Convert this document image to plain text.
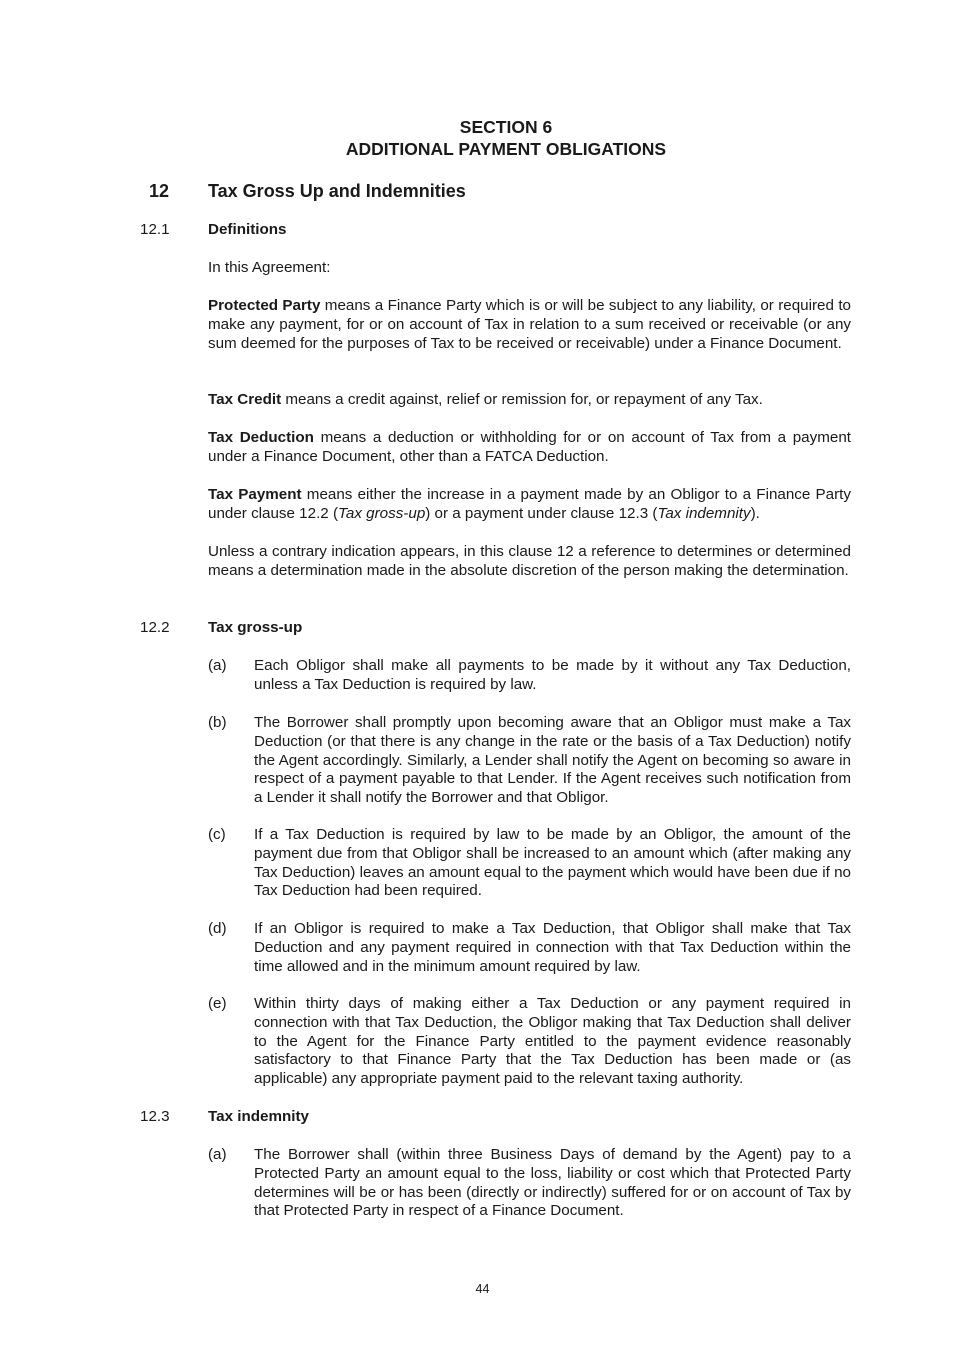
SECTION 6
ADDITIONAL PAYMENT OBLIGATIONS
12 Tax Gross Up and Indemnities
12.1	Definitions
In this Agreement:
Protected Party means a Finance Party which is or will be subject to any liability, or required to make any payment, for or on account of Tax in relation to a sum received or receivable (or any sum deemed for the purposes of Tax to be received or receivable) under a Finance Document.
Tax Credit means a credit against, relief or remission for, or repayment of any Tax.
Tax Deduction means a deduction or withholding for or on account of Tax from a payment under a Finance Document, other than a FATCA Deduction.
Tax Payment means either the increase in a payment made by an Obligor to a Finance Party under clause 12.2 (Tax gross-up) or a payment under clause 12.3 (Tax indemnity).
Unless a contrary indication appears, in this clause 12 a reference to determines or determined means a determination made in the absolute discretion of the person making the determination.
12.2	Tax gross-up
(a) Each Obligor shall make all payments to be made by it without any Tax Deduction, unless a Tax Deduction is required by law.
(b) The Borrower shall promptly upon becoming aware that an Obligor must make a Tax Deduction (or that there is any change in the rate or the basis of a Tax Deduction) notify the Agent accordingly. Similarly, a Lender shall notify the Agent on becoming so aware in respect of a payment payable to that Lender. If the Agent receives such notification from a Lender it shall notify the Borrower and that Obligor.
(c) If a Tax Deduction is required by law to be made by an Obligor, the amount of the payment due from that Obligor shall be increased to an amount which (after making any Tax Deduction) leaves an amount equal to the payment which would have been due if no Tax Deduction had been required.
(d) If an Obligor is required to make a Tax Deduction, that Obligor shall make that Tax Deduction and any payment required in connection with that Tax Deduction within the time allowed and in the minimum amount required by law.
(e) Within thirty days of making either a Tax Deduction or any payment required in connection with that Tax Deduction, the Obligor making that Tax Deduction shall deliver to the Agent for the Finance Party entitled to the payment evidence reasonably satisfactory to that Finance Party that the Tax Deduction has been made or (as applicable) any appropriate payment paid to the relevant taxing authority.
12.3	Tax indemnity
(a) The Borrower shall (within three Business Days of demand by the Agent) pay to a Protected Party an amount equal to the loss, liability or cost which that Protected Party determines will be or has been (directly or indirectly) suffered for or on account of Tax by that Protected Party in respect of a Finance Document.
44
